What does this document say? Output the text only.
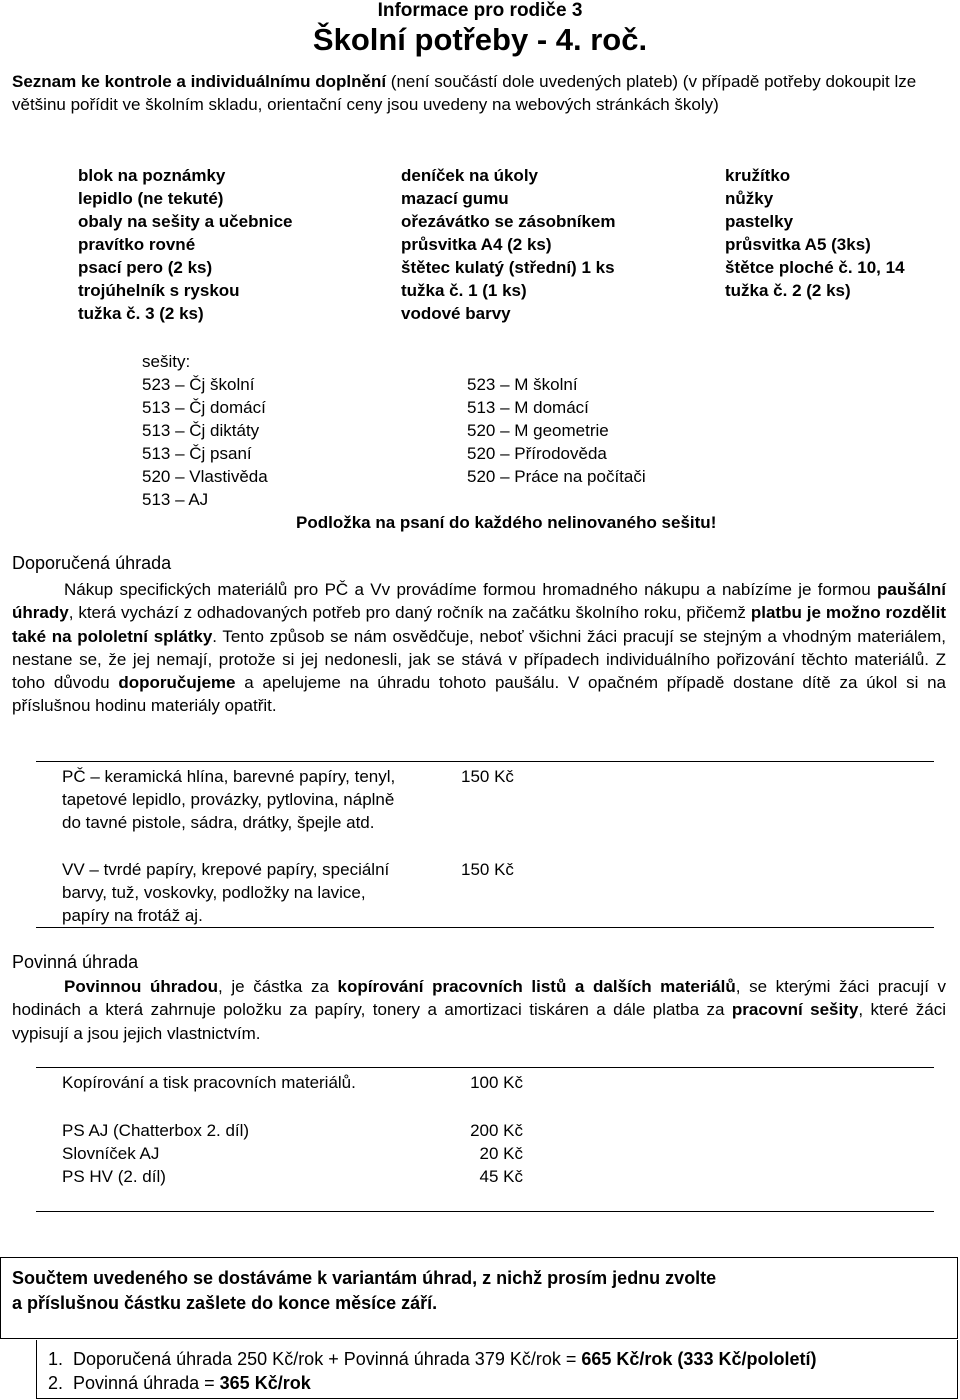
Informace pro rodiče 3
Školní potřeby - 4. roč.
Seznam ke kontrole a individuálnímu doplnění (není součástí dole uvedených plateb) (v případě potřeby dokoupit lze většinu pořídit ve školním skladu, orientační ceny jsou uvedeny na webových stránkách školy)
blok na poznámky
lepidlo (ne tekuté)
obaly na sešity a učebnice
pravítko rovné
psací pero (2 ks)
trojúhelník s ryskou
tužka č. 3 (2 ks)
deníček na úkoly
mazací gumu
ořezávátko se zásobníkem
průsvitka A4 (2 ks)
štětec kulatý (střední) 1 ks
tužka č. 1 (1 ks)
vodové barvy
kružítko
nůžky
pastelky
průsvitka A5 (3ks)
štětce ploché č. 10, 14
tužka č. 2 (2 ks)
sešity:
523 – Čj školní
513 – Čj domácí
513 – Čj diktáty
513 – Čj psaní
520 – Vlastivěda
513 – AJ
523 – M školní
513 – M domácí
520 – M geometrie
520 – Přírodověda
520 – Práce na počítači
Podložka na psaní do každého nelinovaného sešitu!
Doporučená úhrada
Nákup specifických materiálů pro PČ a Vv provádíme formou hromadného nákupu a nabízíme je formou paušální úhrady, která vychází z odhadovaných potřeb pro daný ročník na začátku školního roku, přičemž platbu je možno rozdělit také na pololetní splátky. Tento způsob se nám osvědčuje, neboť všichni žáci pracují se stejným a vhodným materiálem, nestane se, že jej nemají, protože si jej nedonesli, jak se stává v případech individuálního pořizování těchto materiálů. Z toho důvodu doporučujeme a apelujeme na úhradu tohoto paušálu. V opačném případě dostane dítě za úkol si na příslušnou hodinu materiály opatřit.
PČ – keramická hlína, barevné papíry, tenyl, tapetové lepidlo, provázky, pytlovina, náplně do tavné pistole, sádra, drátky, špejle atd.
150 Kč
VV – tvrdé papíry, krepové papíry, speciální barvy, tuž, voskovky, podložky na lavice, papíry na frotáž aj.
150 Kč
Povinná úhrada
Povinnou úhradou, je částka za kopírování pracovních listů a dalších materiálů, se kterými žáci pracují v hodinách a která zahrnuje položku za papíry, tonery a amortizaci tiskáren a dále platba za pracovní sešity, které žáci vypisují a jsou jejich vlastnictvím.
Kopírování a tisk pracovních materiálů.	100 Kč
PS AJ (Chatterbox 2. díl)	200 Kč
Slovníček AJ	20 Kč
PS HV (2. díl)	45 Kč
Součtem uvedeného se dostáváme k variantám úhrad, z nichž prosím jednu zvolte
a příslušnou částku zašlete do konce měsíce září.
1. Doporučená úhrada 250 Kč/rok + Povinná úhrada 379 Kč/rok = 665 Kč/rok (333 Kč/pololetí)
2. Povinná úhrada = 365 Kč/rok
